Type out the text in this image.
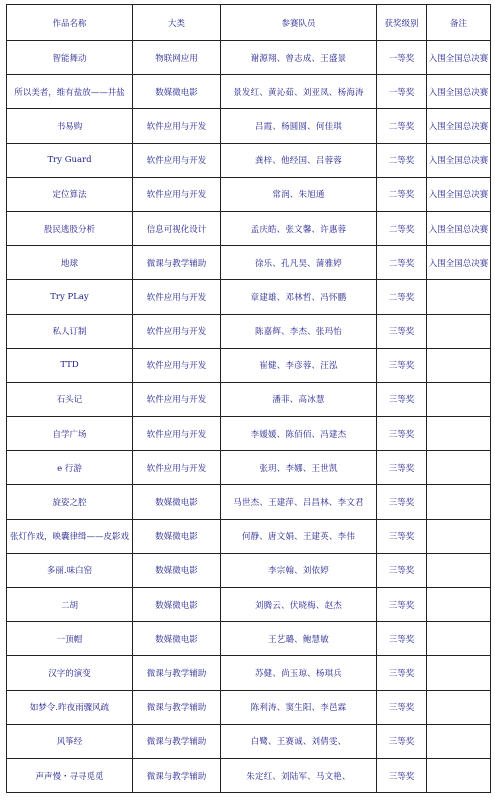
作品名称	大类	参赛队员	获奖级别	备注
智能舞动	物联网应用	谢源翔、曾志成、王盛景	一等奖	入围全国总决赛
所以美者，维有盐放——井盐	数媒微电影	景发红、黄沁茹、刘亚凤、杨海涛	一等奖	入围全国总决赛
书易购	软件应用与开发	吕霞、杨圆圆、何佳琪	二等奖	入围全国总决赛
Try Guard	软件应用与开发	龚梓、他经国、吕蓉蓉	二等奖	入围全国总决赛
定位算法	软件应用与开发	常润、朱旭通	二等奖	入围全国总决赛
股民逃股分析	信息可视化设计	孟庆皓、张文馨、许惠蓉	二等奖	入围全国总决赛
地球	微课与教学辅助	徐乐、孔凡昊、蒲雅婷	二等奖	入围全国总决赛
Try PLay	软件应用与开发	章建雄、邓林哲、冯怀鹏	二等奖	
私人订制	软件应用与开发	陈嘉辉、李杰、张玛怡	三等奖	
TTD	软件应用与开发	崔健、李彦蓉、汪泓	三等奖	
石头记	软件应用与开发	潘菲、高冰慧	三等奖	
自学广场	软件应用与开发	李媛媛、陈佰佰、冯建杰	三等奖	
e 行游	软件应用与开发	张玥、李娜、王世凯	三等奖	
旋姿之腔	数媒微电影	马世杰、王建萍、吕昌林、李文君	三等奖	
张灯作戏，映囊律缉——皮影戏	数媒微电影	何静、唐文娟、王建英、李伟	三等奖	
多丽.味白窑	数媒微电影	李宗翰、刘依婷	三等奖	
二胡	数媒微电影	刘腾云、伏晓梅、赵杰	三等奖	
一顶帽	数媒微电影	王艺璐、鲍慧敏	三等奖	
汉字的演变	微课与教学辅助	苏健、尚玉琼、杨琪兵	三等奖	
如梦令.昨夜雨骤风疏	微课与教学辅助	陈利涛、窦生阳、李邑霖	三等奖	
风筝经	微课与教学辅助	白鹭、王赛诚、刘倩雯、	三等奖	
声声慢・寻寻觅觅	微课与教学辅助	朱定红、刘陆军、马文艳、	三等奖	
